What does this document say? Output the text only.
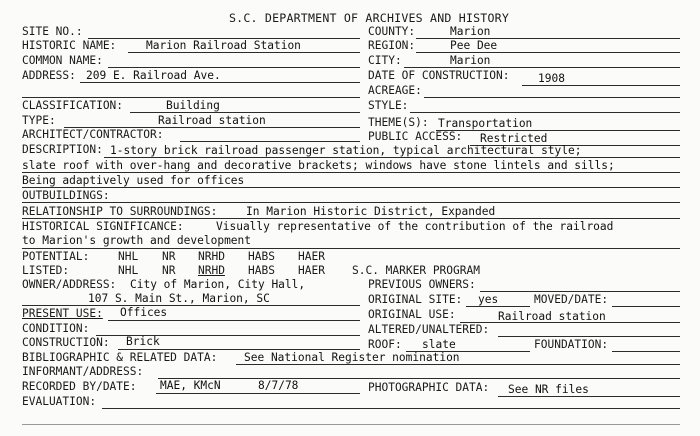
S.C. DEPARTMENT OF ARCHIVES AND HISTORY
SITE NO.:	COUNTY:	Marion
HISTORIC NAME:	Marion Railroad Station	REGION:	Pee Dee
COMMON NAME:	CITY:	Marion
ADDRESS: 209 E. Railroad Ave.	DATE OF CONSTRUCTION:	1908
ACREAGE:
CLASSIFICATION:	Building	STYLE:
TYPE:	Railroad station	THEME(S): Transportation
ARCHITECT/CONTRACTOR:	PUBLIC ACCESS: Restricted
DESCRIPTION: 1-story brick railroad passenger station, typical architectural style;
slate roof with over-hang and decorative brackets; windows have stone lintels and sills;
Being adaptively used for offices
OUTBUILDINGS:
RELATIONSHIP TO SURROUNDINGS:	In Marion Historic District, Expanded
HISTORICAL SIGNIFICANCE:	Visually representative of the contribution of the railroad
to Marion's growth and development
POTENTIAL:	NHL NR NRHD HABS HAER
LISTED:	NHL NR NRHD HABS HAER S.C. MARKER PROGRAM
OWNER/ADDRESS: City of Marion, City Hall,	PREVIOUS OWNERS:
107 S. Main St., Marion, SC	ORIGINAL SITE: yes	MOVED/DATE:
PRESENT USE: Offices	ORIGINAL USE:	Railroad station
CONDITION:	ALTERED/UNALTERED:
CONSTRUCTION: Brick	ROOF: slate	FOUNDATION:
BIBLIOGRAPHIC & RELATED DATA: See National Register nomination
INFORMANT/ADDRESS:
RECORDED BY/DATE: MAE, KMcN	8/7/78	PHOTOGRAPHIC DATA: See NR files
EVALUATION:
